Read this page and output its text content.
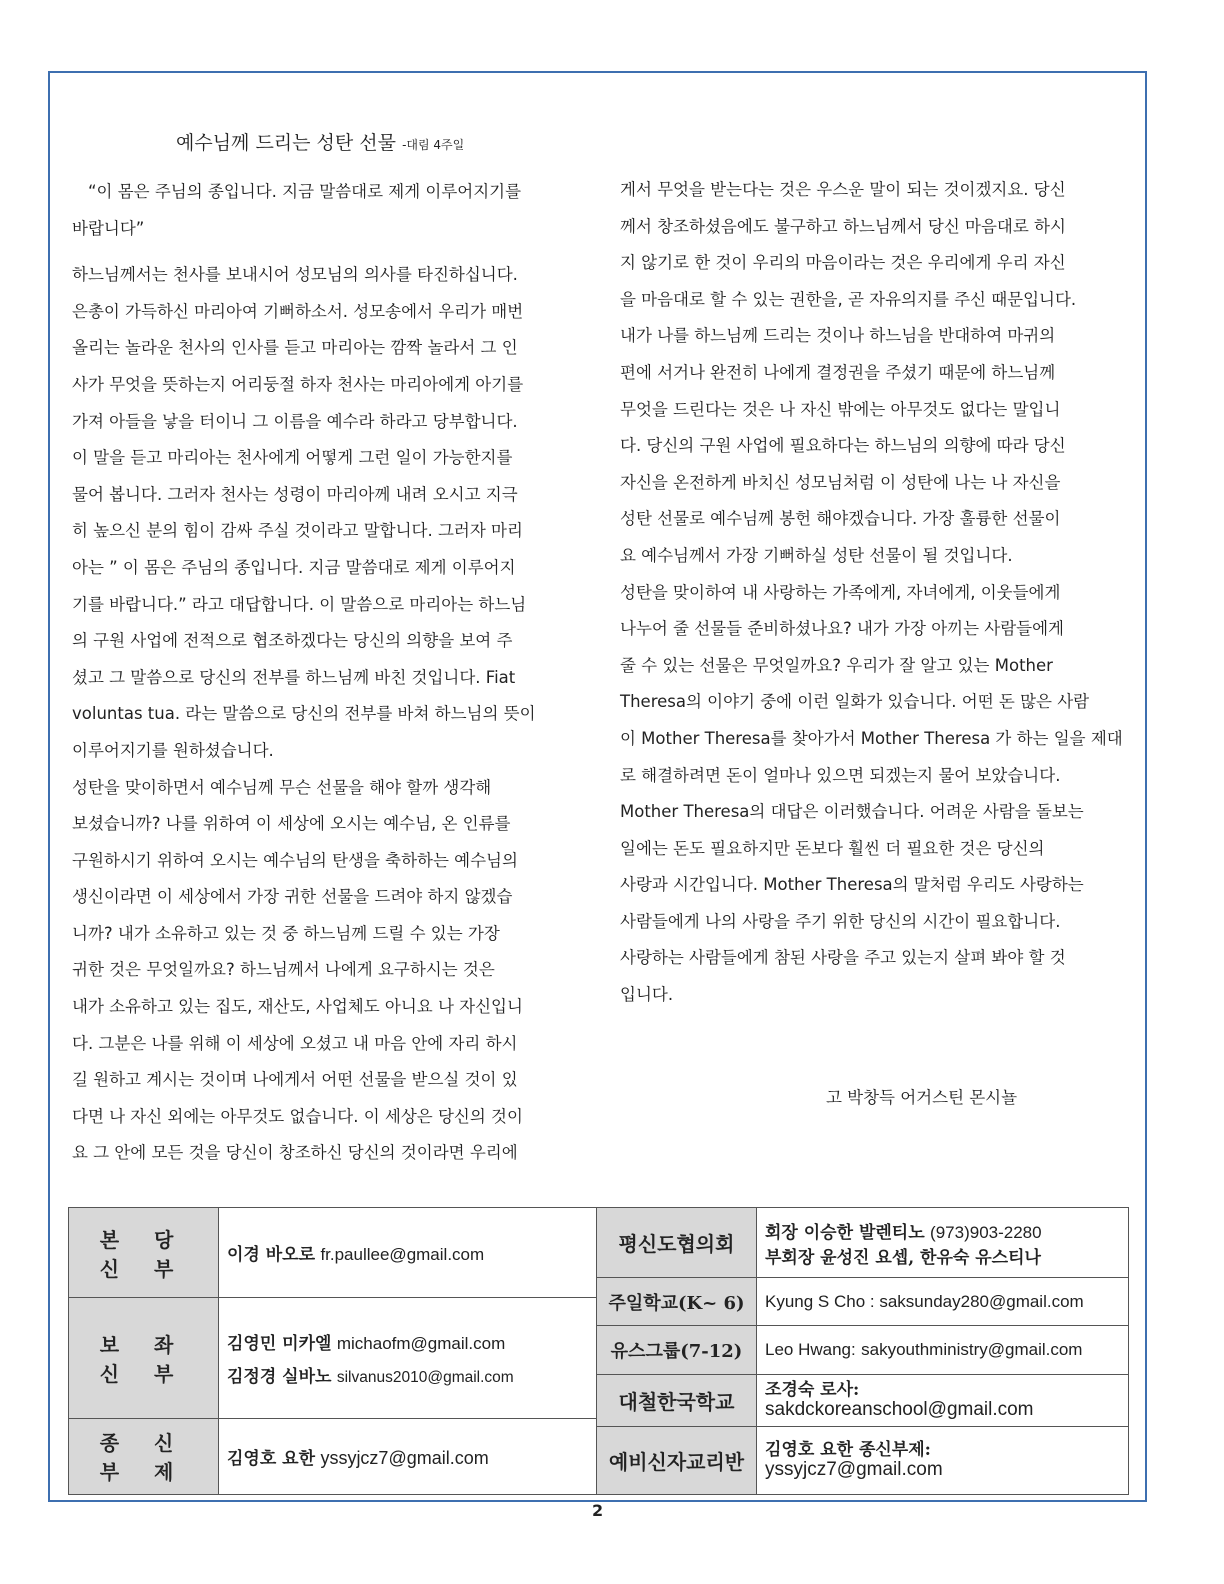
예수님께 드리는 성탄 선물 -대림 4주일

“이 몸은 주님의 종입니다. 지금 말씀대로 제게 이루어지기를
바랍니다”

하느님께서는 천사를 보내시어 성모님의 의사를 타진하십니다.
은총이 가득하신 마리아여 기뻐하소서. 성모송에서 우리가 매번
올리는 놀라운 천사의 인사를 듣고 마리아는 깜짝 놀라서 그 인
사가 무엇을 뜻하는지 어리둥절 하자 천사는 마리아에게 아기를
가져 아들을 낳을 터이니 그 이름을 예수라 하라고 당부합니다.
이 말을 듣고 마리아는 천사에게 어떻게 그런 일이 가능한지를
물어 봅니다. 그러자 천사는 성령이 마리아께 내려 오시고 지극
히 높으신 분의 힘이 감싸 주실 것이라고 말합니다. 그러자 마리
아는 ” 이 몸은 주님의 종입니다. 지금 말씀대로 제게 이루어지
기를 바랍니다.” 라고 대답합니다. 이 말씀으로 마리아는 하느님
의 구원 사업에 전적으로 협조하겠다는 당신의 의향을 보여 주
셨고 그 말씀으로 당신의 전부를 하느님께 바친 것입니다. Fiat
voluntas tua. 라는 말씀으로 당신의 전부를 바쳐 하느님의 뜻이
이루어지기를 원하셨습니다.
성탄을 맞이하면서 예수님께 무슨 선물을 해야 할까 생각해
보셨습니까? 나를 위하여 이 세상에 오시는 예수님, 온 인류를
구원하시기 위하여 오시는 예수님의 탄생을 축하하는 예수님의
생신이라면 이 세상에서 가장 귀한 선물을 드려야 하지 않겠습
니까? 내가 소유하고 있는 것 중 하느님께 드릴 수 있는 가장
귀한 것은 무엇일까요? 하느님께서 나에게 요구하시는 것은
내가 소유하고 있는 집도, 재산도, 사업체도 아니요 나 자신입니
다. 그분은 나를 위해 이 세상에 오셨고 내 마음 안에 자리 하시
길 원하고 계시는 것이며 나에게서 어떤 선물을 받으실 것이 있
다면 나 자신 외에는 아무것도 없습니다. 이 세상은 당신의 것이
요 그 안에 모든 것을 당신이 창조하신 당신의 것이라면 우리에

게서 무엇을 받는다는 것은 우스운 말이 되는 것이겠지요. 당신
께서 창조하셨음에도 불구하고 하느님께서 당신 마음대로 하시
지 않기로 한 것이 우리의 마음이라는 것은 우리에게 우리 자신
을 마음대로 할 수 있는 권한을, 곧 자유의지를 주신 때문입니다.
내가 나를 하느님께 드리는 것이나 하느님을 반대하여 마귀의
편에 서거나 완전히 나에게 결정권을 주셨기 때문에 하느님께
무엇을 드린다는 것은 나 자신 밖에는 아무것도 없다는 말입니
다. 당신의 구원 사업에 필요하다는 하느님의 의향에 따라 당신
자신을 온전하게 바치신 성모님처럼 이 성탄에 나는 나 자신을
성탄 선물로 예수님께 봉헌 해야겠습니다. 가장 훌륭한 선물이
요 예수님께서 가장 기뻐하실 성탄 선물이 될 것입니다.
성탄을 맞이하여 내 사랑하는 가족에게, 자녀에게, 이웃들에게
나누어 줄 선물들 준비하셨나요? 내가 가장 아끼는 사람들에게
줄 수 있는 선물은 무엇일까요? 우리가 잘 알고 있는 Mother
Theresa의 이야기 중에 이런 일화가 있습니다. 어떤 돈 많은 사람
이 Mother Theresa를 찾아가서 Mother Theresa 가 하는 일을 제대
로 해결하려면 돈이 얼마나 있으면 되겠는지 물어 보았습니다.
Mother Theresa의 대답은 이러했습니다. 어려운 사람을 돌보는
일에는 돈도 필요하지만 돈보다 훨씬 더 필요한 것은 당신의
사랑과 시간입니다. Mother Theresa의 말처럼 우리도 사랑하는
사람들에게 나의 사랑을 주기 위한 당신의 시간이 필요합니다.
사랑하는 사람들에게 참된 사랑을 주고 있는지 살펴 봐야 할 것
입니다.

고 박창득 어거스틴 몬시뇰
본 당 신 부	이경 바오로 fr.paullee@gmail.com	평신도협의회	회장 이승한 발렌티노 (973)903-2280
부회장 윤성진 요셉, 한유숙 유스티나

		주일학교(K~ 6)	Kyung S Cho : saksunday280@gmail.com
보 좌 신 부	김영민 미카엘 michaofm@gmail.com
김정경 실바노 silvanus2010@gmail.com		

		유스그룹(7-12)	Leo Hwang: sakyouthministry@gmail.com
		대철한국학교	조경숙 로사:
sakdckoreanschool@gmail.com

종 신 부 제	김영호 요한 yssyjcz7@gmail.com		
		예비신자교리반	김영호 요한 종신부제:
yssyjcz7@gmail.com
2
